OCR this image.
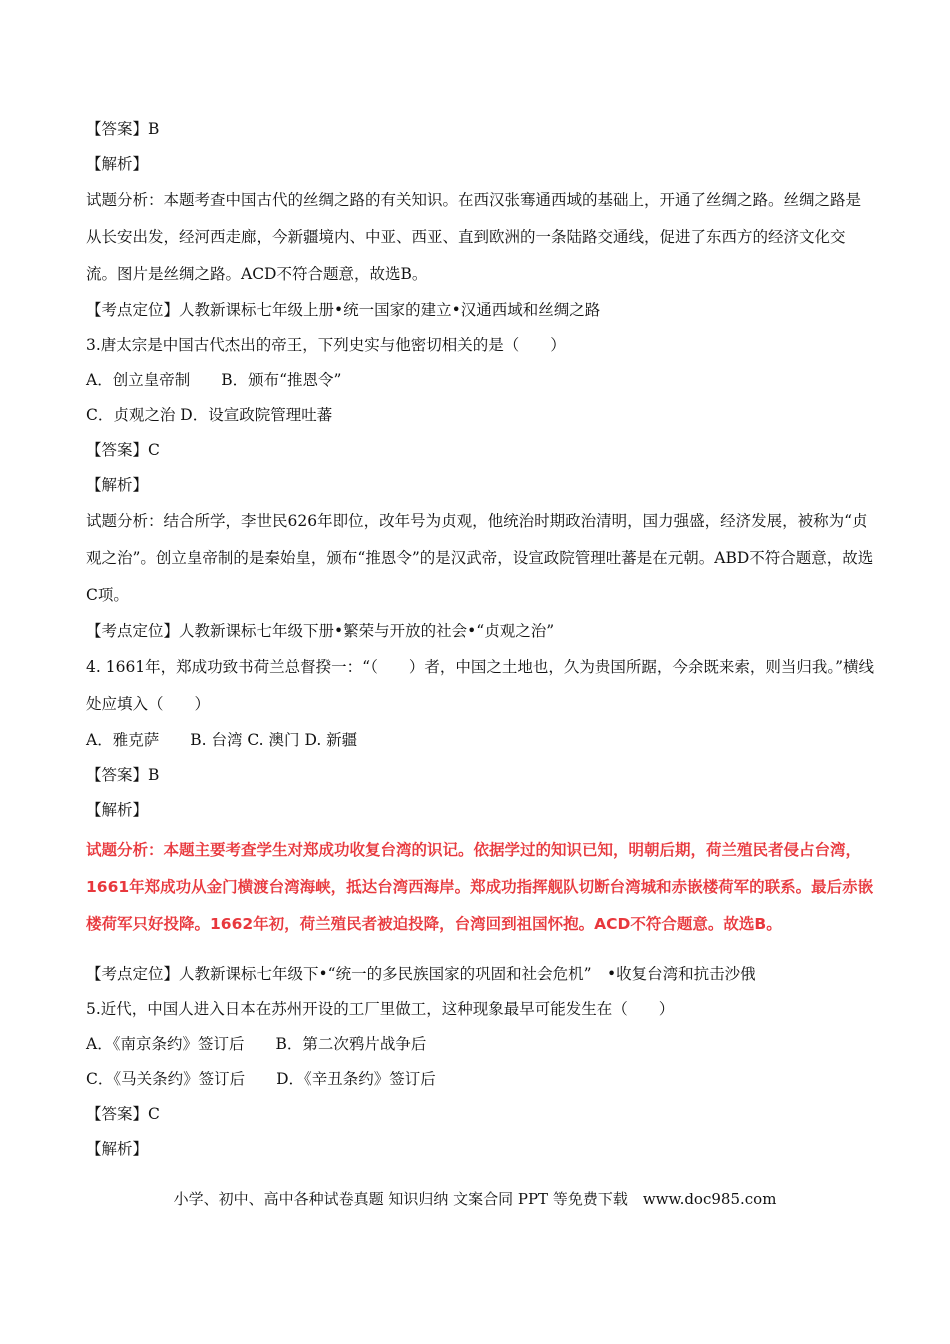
【答案】B

【解析】

试题分析：本题考查中国古代的丝绸之路的有关知识。在西汉张骞通西域的基础上，开通了丝绸之路。丝绸之路是从长安出发，经河西走廊，今新疆境内、中亚、西亚、直到欧洲的一条陆路交通线，促进了东西方的经济文化交流。图片是丝绸之路。ACD不符合题意，故选B。

【考点定位】人教新课标七年级上册•统一国家的建立•汉通西域和丝绸之路

3.唐太宗是中国古代杰出的帝王，下列史实与他密切相关的是（　　）

A．创立皇帝制　　B．颁布“推恩令”

C．贞观之治 D．设宣政院管理吐蕃

【答案】C

【解析】

试题分析：结合所学，李世民626年即位，改年号为贞观，他统治时期政治清明，国力强盛，经济发展，被称为“贞观之治”。创立皇帝制的是秦始皇，颁布“推恩令”的是汉武帝，设宣政院管理吐蕃是在元朝。ABD不符合题意，故选C项。

【考点定位】人教新课标七年级下册•繁荣与开放的社会•“贞观之治”

4. 1661年，郑成功致书荷兰总督揆一：“（　　）者，中国之土地也，久为贵国所踞，今余既来索，则当归我。”横线处应填入（　　）

A．雅克萨　　B. 台湾 C. 澳门 D. 新疆

【答案】B

【解析】

试题分析：本题主要考查学生对郑成功收复台湾的识记。依据学过的知识已知，明朝后期，荷兰殖民者侵占台湾，1661年郑成功从金门横渡台湾海峡，抵达台湾西海岸。郑成功指挥舰队切断台湾城和赤嵌楼荷军的联系。最后赤嵌楼荷军只好投降。1662年初，荷兰殖民者被迫投降，台湾回到祖国怀抱。ACD不符合题意。故选B。

【考点定位】人教新课标七年级下•“统一的多民族国家的巩固和社会危机”　•收复台湾和抗击沙俄

5.近代，中国人进入日本在苏州开设的工厂里做工，这种现象最早可能发生在（　　）

A．《南京条约》签订后　　B．第二次鸦片战争后

C．《马关条约》签订后　　D．《辛丑条约》签订后

【答案】C

【解析】

小学、初中、高中各种试卷真题 知识归纳 文案合同 PPT 等免费下载　www.doc985.com
